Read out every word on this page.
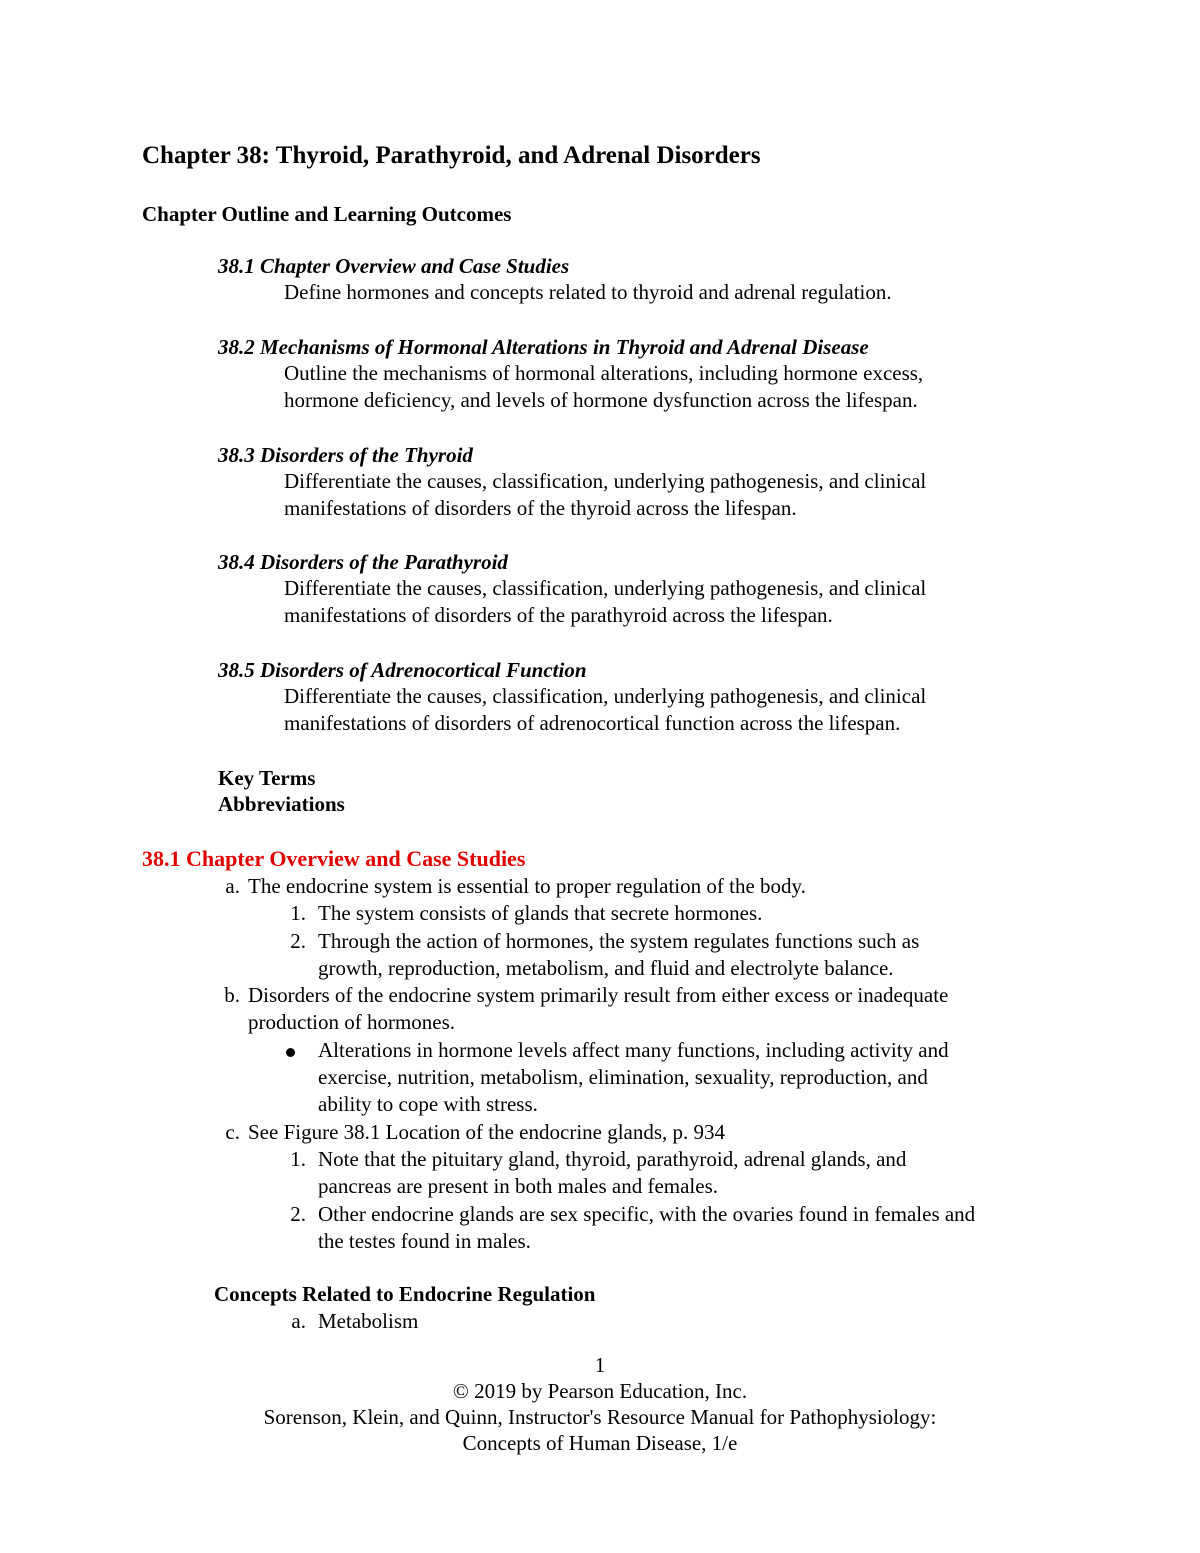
Chapter 38: Thyroid, Parathyroid, and Adrenal Disorders
Chapter Outline and Learning Outcomes
38.1 Chapter Overview and Case Studies
Define hormones and concepts related to thyroid and adrenal regulation.
38.2 Mechanisms of Hormonal Alterations in Thyroid and Adrenal Disease
Outline the mechanisms of hormonal alterations, including hormone excess,
hormone deficiency, and levels of hormone dysfunction across the lifespan.
38.3 Disorders of the Thyroid
Differentiate the causes, classification, underlying pathogenesis, and clinical
manifestations of disorders of the thyroid across the lifespan.
38.4 Disorders of the Parathyroid
Differentiate the causes, classification, underlying pathogenesis, and clinical
manifestations of disorders of the parathyroid across the lifespan.
38.5 Disorders of Adrenocortical Function
Differentiate the causes, classification, underlying pathogenesis, and clinical
manifestations of disorders of adrenocortical function across the lifespan.
Key Terms
Abbreviations
38.1 Chapter Overview and Case Studies
a. The endocrine system is essential to proper regulation of the body.
1. The system consists of glands that secrete hormones.
2. Through the action of hormones, the system regulates functions such as
growth, reproduction, metabolism, and fluid and electrolyte balance.
b. Disorders of the endocrine system primarily result from either excess or inadequate
production of hormones.
Alterations in hormone levels affect many functions, including activity and
exercise, nutrition, metabolism, elimination, sexuality, reproduction, and
ability to cope with stress.
c. See Figure 38.1 Location of the endocrine glands, p. 934
1. Note that the pituitary gland, thyroid, parathyroid, adrenal glands, and
pancreas are present in both males and females.
2. Other endocrine glands are sex specific, with the ovaries found in females and
the testes found in males.
Concepts Related to Endocrine Regulation
a. Metabolism
1
© 2019 by Pearson Education, Inc.
Sorenson, Klein, and Quinn, Instructor's Resource Manual for Pathophysiology:
Concepts of Human Disease, 1/e
